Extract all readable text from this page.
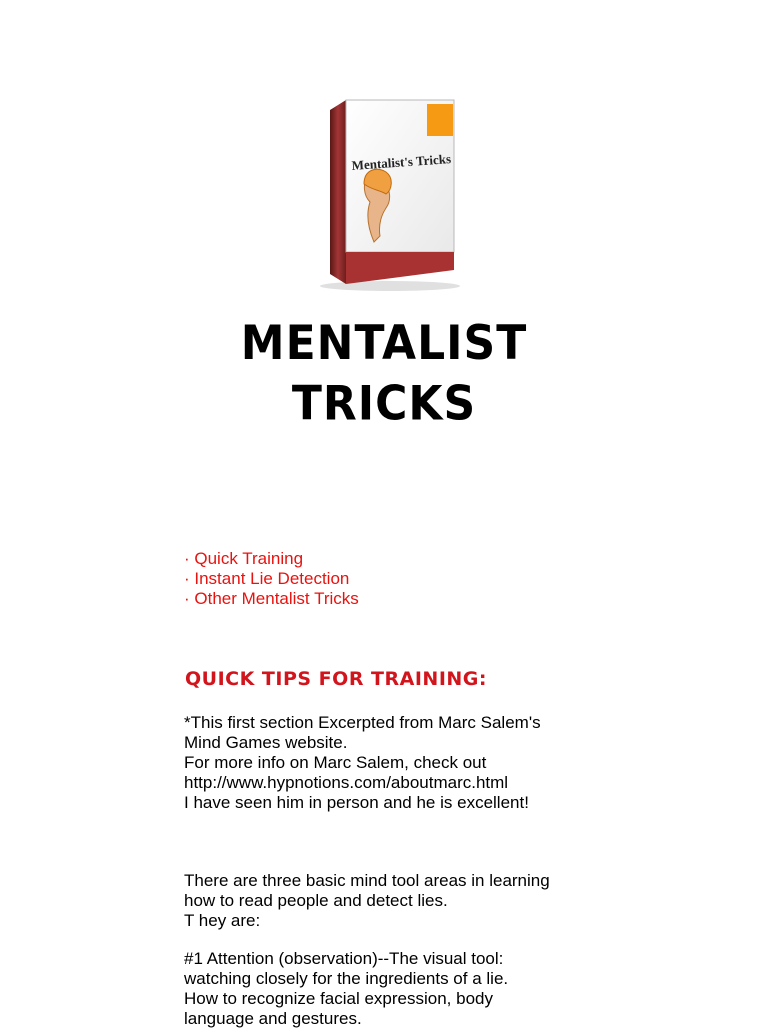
Mentalist's Tricks
MENTALIST
TRICKS
· Quick Training
· Instant Lie Detection
· Other Mentalist Tricks
QUICK TIPS FOR TRAINING:

*This first section Excerpted from Marc Salem's
Mind Games website.
For more info on Marc Salem, check out
http://www.hypnotions.com/aboutmarc.html
I have seen him in person and he is excellent!

There are three basic mind tool areas in learning
how to read people and detect lies.
T hey are:

#1 Attention (observation)--The visual tool:
watching closely for the ingredients of a lie.
How to recognize facial expression, body
language and gestures.
